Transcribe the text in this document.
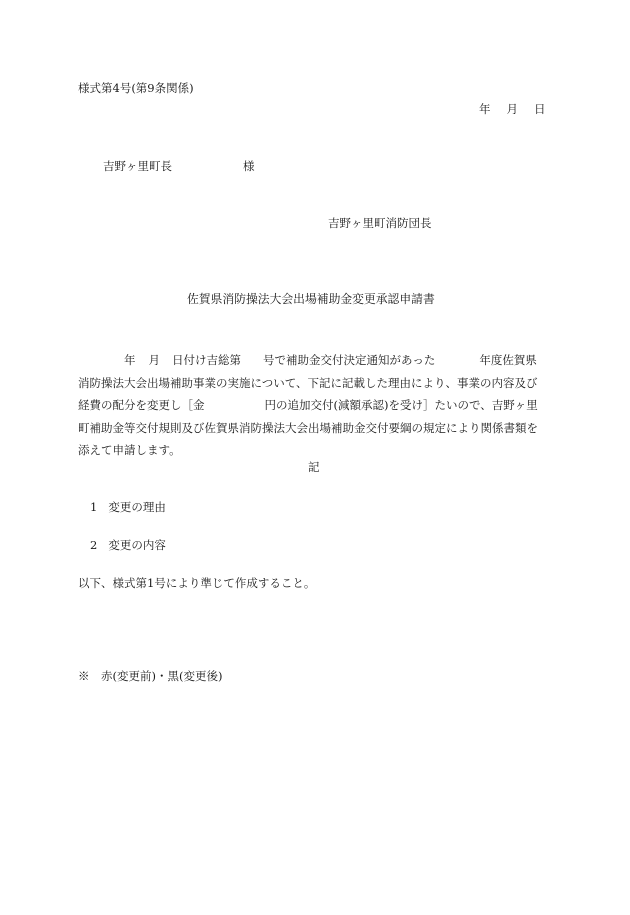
様式第4号(第9条関係)
年 月 日
吉野ヶ里町長	様
吉野ヶ里町消防団長
佐賀県消防操法大会出場補助金変更承認申請書
年 月 日付け吉総第 号で補助金交付決定通知があった	年度佐賀県
消防操法大会出場補助事業の実施について、下記に記載した理由により、事業の内容及び
経費の配分を変更し［金	円の追加交付(減額承認)を受け］たいので、吉野ヶ里
町補助金等交付規則及び佐賀県消防操法大会出場補助金交付要綱の規定により関係書類を
添えて申請します。
記
1 変更の理由
2 変更の内容
以下、様式第1号により準じて作成すること。
※　赤(変更前)・黒(変更後)
